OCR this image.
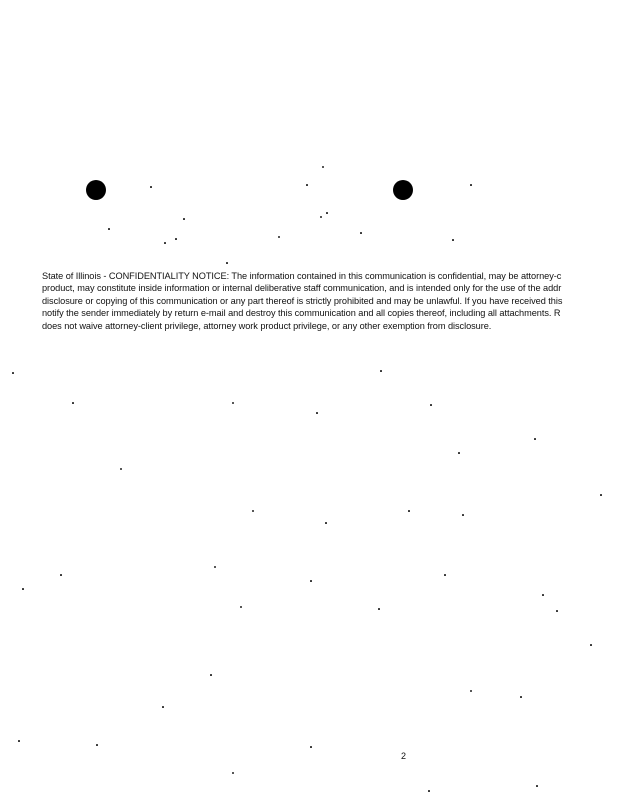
State of Illinois - CONFIDENTIALITY NOTICE: The information contained in this communication is confidential, may be attorney-c
product, may constitute inside information or internal deliberative staff communication, and is intended only for the use of the addr
disclosure or copying of this communication or any part thereof is strictly prohibited and may be unlawful. If you have received this
notify the sender immediately by return e-mail and destroy this communication and all copies thereof, including all attachments. R
does not waive attorney-client privilege, attorney work product privilege, or any other exemption from disclosure.
2
